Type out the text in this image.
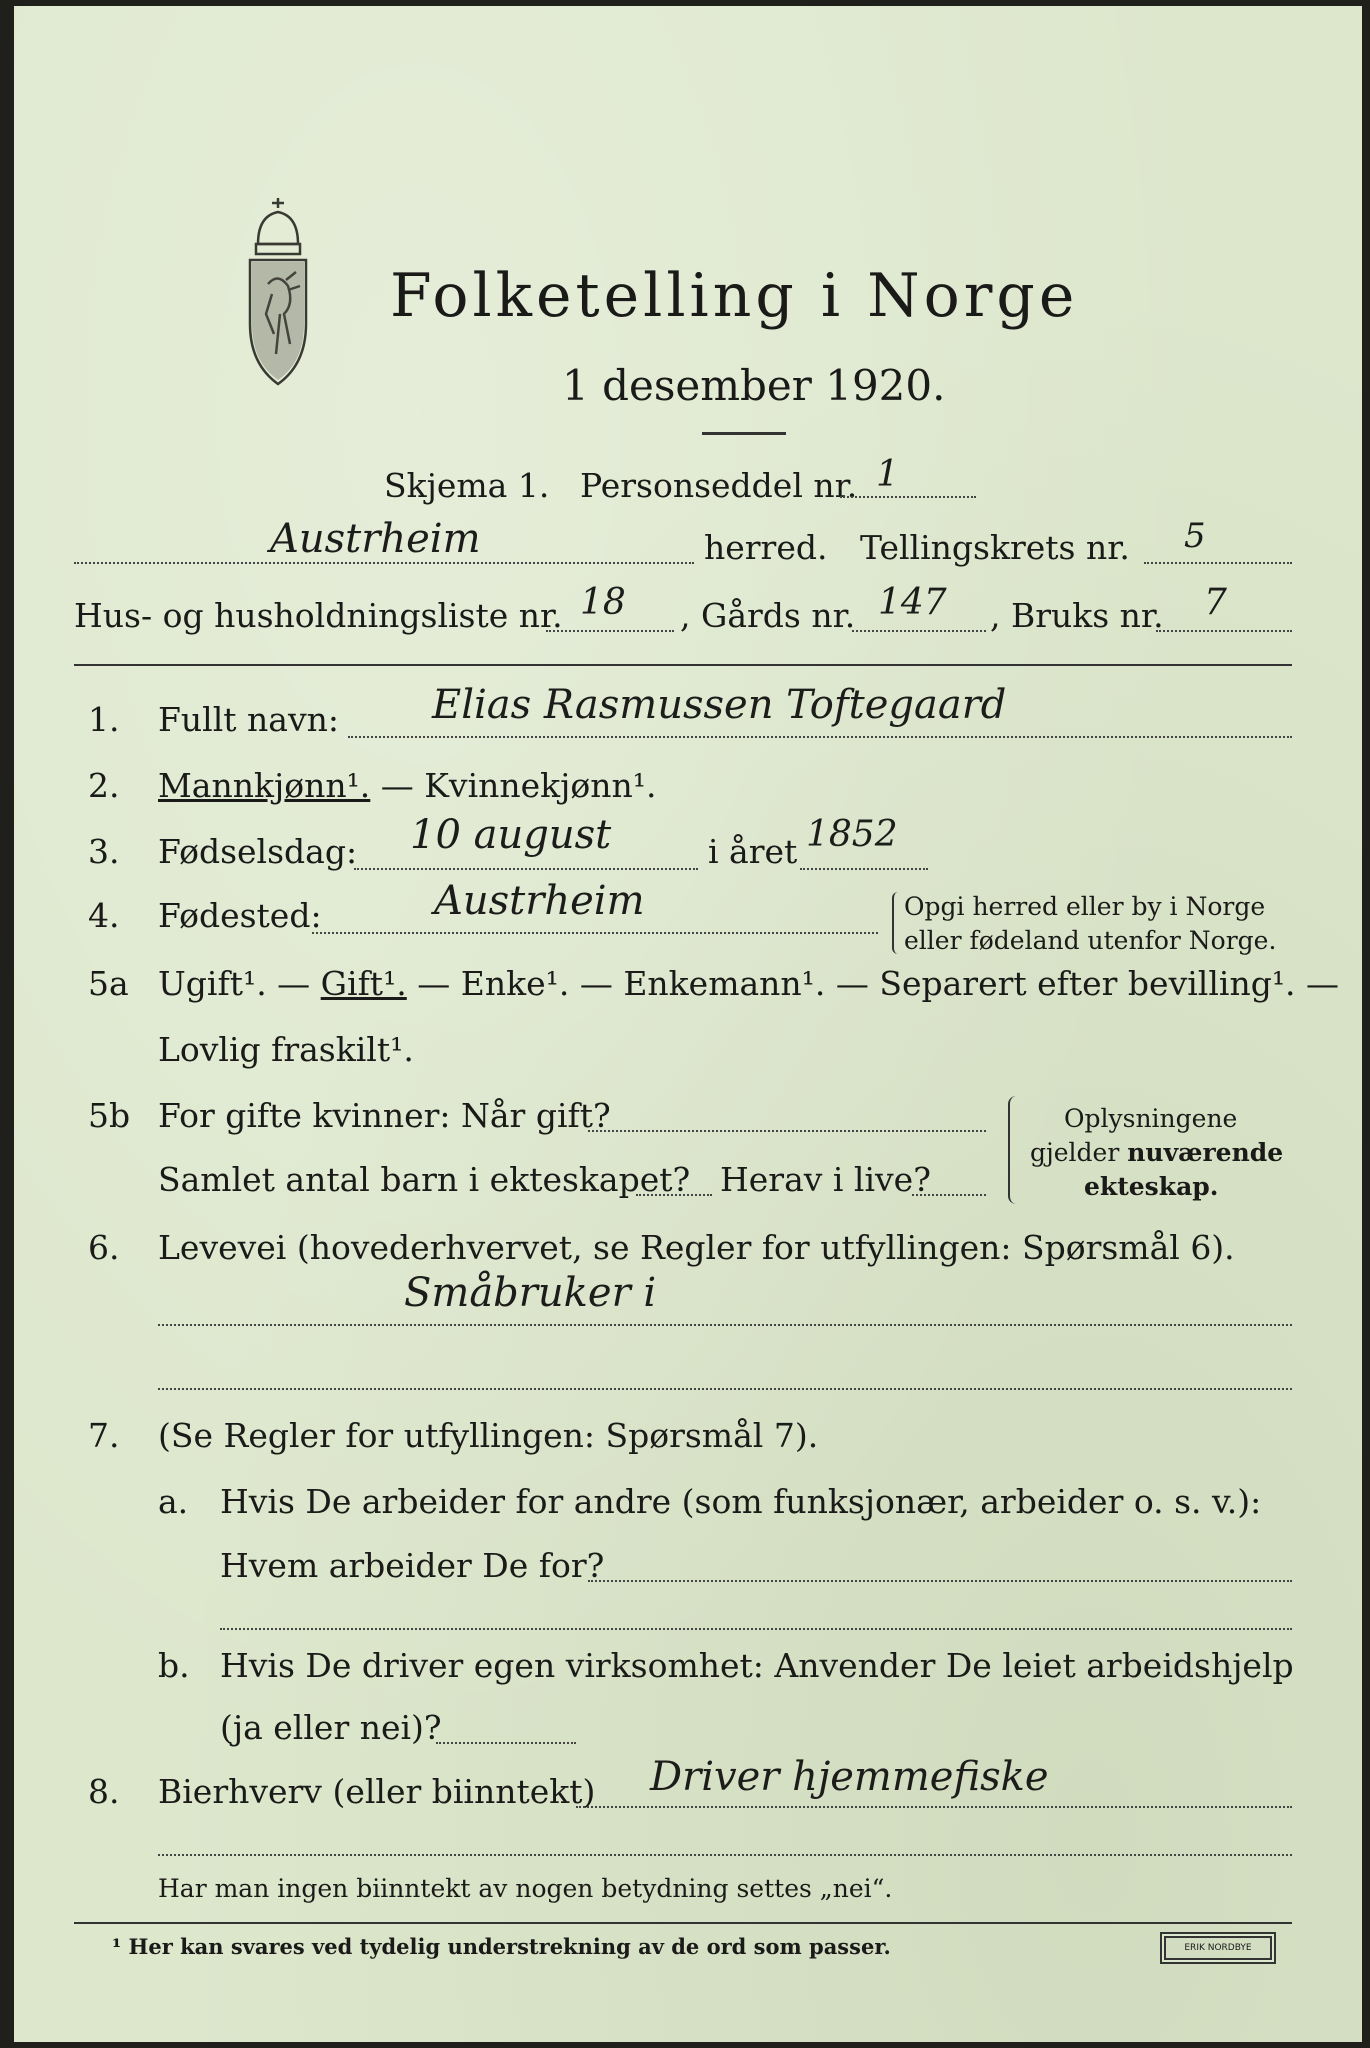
Folketelling i Norge
1 desember 1920.
Skjema 1. Personseddel nr. 1
Austrheim	herred. Tellingskrets nr. 5
Hus- og husholdningsliste nr. 18 , Gårds nr. 147 , Bruks nr. 7
1. Fullt navn: Elias Rasmussen Toftegaard
2. Mannkjønn¹. — Kvinnekjønn¹.
3. Fødselsdag: 10 august	i året 1852
4. Fødested:	Austrheim	Opgi herred eller by i Norge
eller fødeland utenfor Norge.
5a Ugift¹. — Gift¹. — Enke¹. — Enkemann¹. — Separert efter bevilling¹. —
Lovlig fraskilt¹.
5b For gifte kvinner: Når gift?
Samlet antal barn i ekteskapet? Herav i live?
Oplysningene
gjelder nuværende
ekteskap.
6. Levevei (hovederhvervet, se Regler for utfyllingen: Spørsmål 6).
Småbruker i
7. (Se Regler for utfyllingen: Spørsmål 7).
a. Hvis De arbeider for andre (som funksjonær, arbeider o. s. v.):
Hvem arbeider De for?
b. Hvis De driver egen virksomhet: Anvender De leiet arbeidshjelp
(ja eller nei)?
8. Bierhverv (eller biinntekt) Driver hjemmefiske
Har man ingen biinntekt av nogen betydning settes „nei“.
¹ Her kan svares ved tydelig understrekning av de ord som passer.	ERIK NORDBYE
